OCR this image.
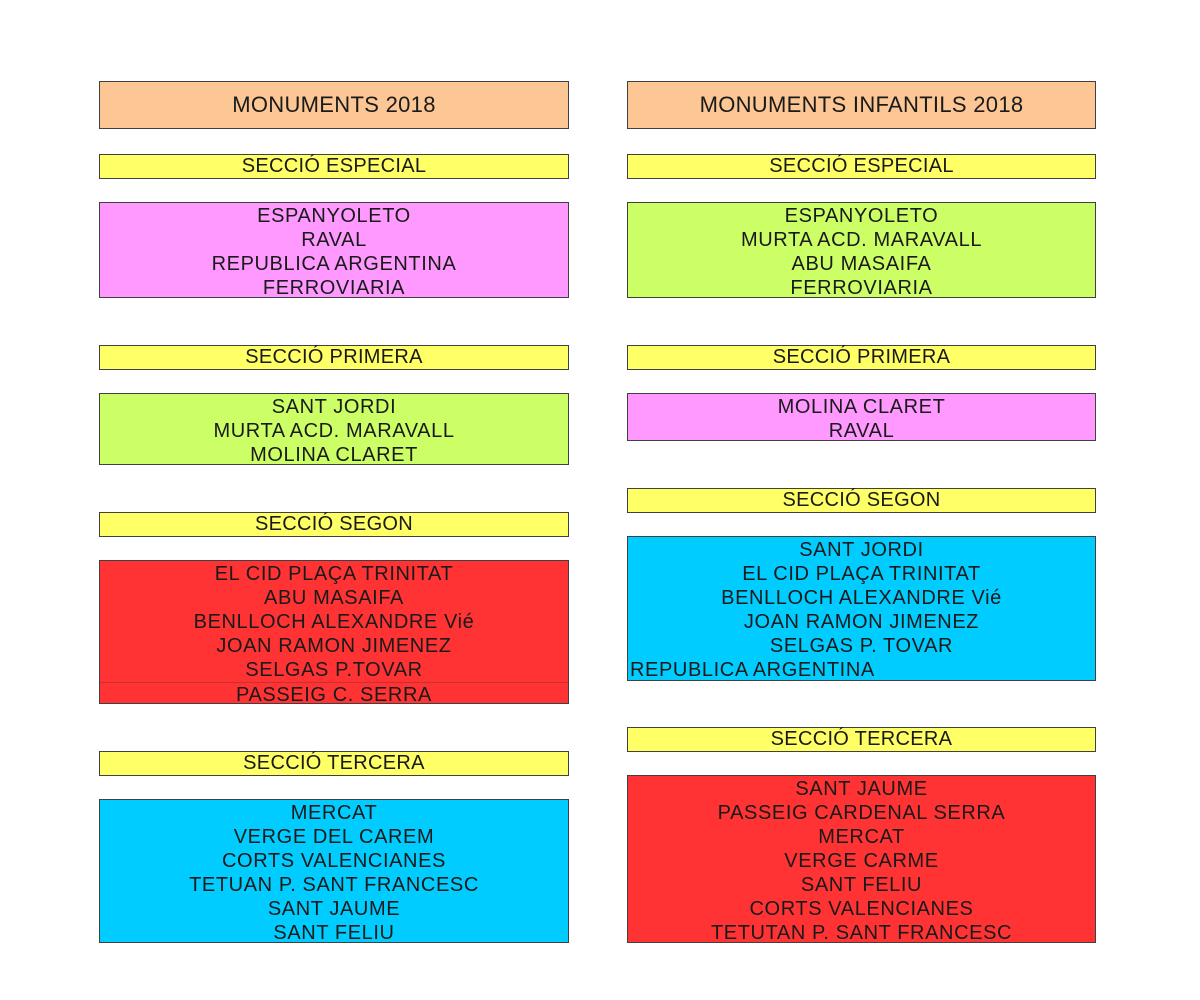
MONUMENTS 2018
SECCIÓ ESPECIAL
ESPANYOLETO
RAVAL
REPUBLICA ARGENTINA
FERROVIARIA
SECCIÓ PRIMERA
SANT JORDI
MURTA ACD. MARAVALL
MOLINA CLARET
SECCIÓ SEGON
EL CID PLAÇA TRINITAT
ABU MASAIFA
BENLLOCH ALEXANDRE Vié
JOAN RAMON JIMENEZ
SELGAS P.TOVAR
PASSEIG C. SERRA
SECCIÓ TERCERA
MERCAT
VERGE DEL CAREM
CORTS VALENCIANES
TETUAN P. SANT FRANCESC
SANT JAUME
SANT FELIU
MONUMENTS INFANTILS 2018
SECCIÓ ESPECIAL
ESPANYOLETO
MURTA ACD. MARAVALL
ABU MASAIFA
FERROVIARIA
SECCIÓ PRIMERA
MOLINA CLARET
RAVAL
SECCIÓ SEGON
SANT JORDI
EL CID PLAÇA TRINITAT
BENLLOCH ALEXANDRE Vié
JOAN RAMON JIMENEZ
SELGAS P. TOVAR
REPUBLICA ARGENTINA
SECCIÓ TERCERA
SANT JAUME
PASSEIG CARDENAL SERRA
MERCAT
VERGE CARME
SANT FELIU
CORTS VALENCIANES
TETUTAN P. SANT FRANCESC
